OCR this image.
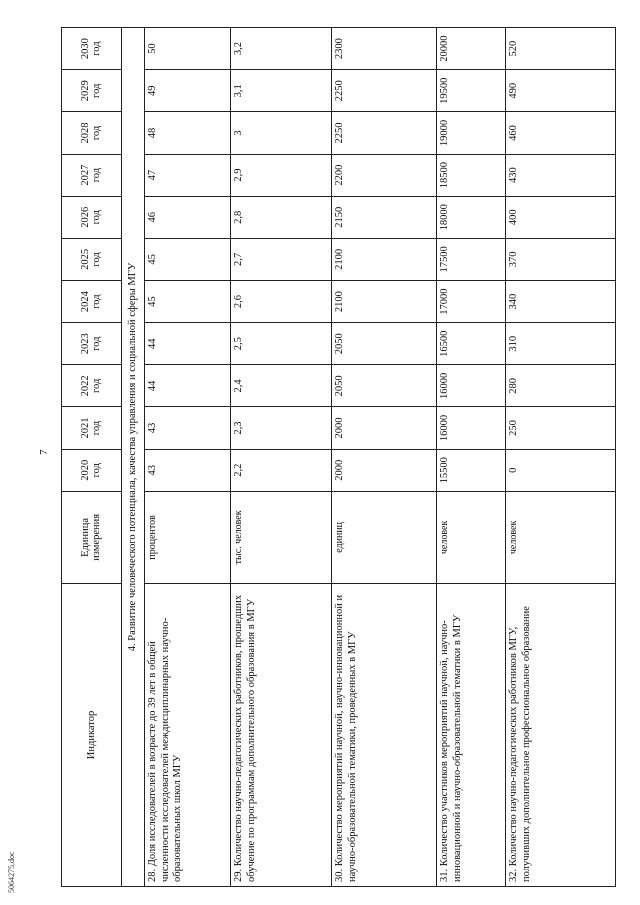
7
5064275.doc
Индикатор	Единица измерения	2020 год	2021 год	2022 год	2023 год	2024 год	2025 год	2026 год	2027 год	2028 год	2029 год	2030 год
4. Развитие человеческого потенциала, качества управления и социальной сферы МГУ												
28. Доля исследователей в возрасте до 39 лет в общей численности исследователей междисциплинарных научно-образовательных школ МГУ	процентов	43	43	44	44	45	45	46	47	48	49	50
29. Количество научно-педагогических работников, прошедших обучение по программам дополнительного образования в МГУ	тыс. человек	2,2	2,3	2,4	2,5	2,6	2,7	2,8	2,9	3	3,1	3,2
30. Количество мероприятий научной, научно-инновационной и научно-образовательной тематики, проведенных в МГУ	единиц	2000	2000	2050	2050	2100	2100	2150	2200	2250	2250	2300
31. Количество участников мероприятий научной, научно-инновационной и научно-образовательной тематики в МГУ	человек	15500	16000	16000	16500	17000	17500	18000	18500	19000	19500	20000
32. Количество научно-педагогических работников МГУ, получивших дополнительное профессиональное образование	человек	0	250	280	310	340	370	400	430	460	490	520
